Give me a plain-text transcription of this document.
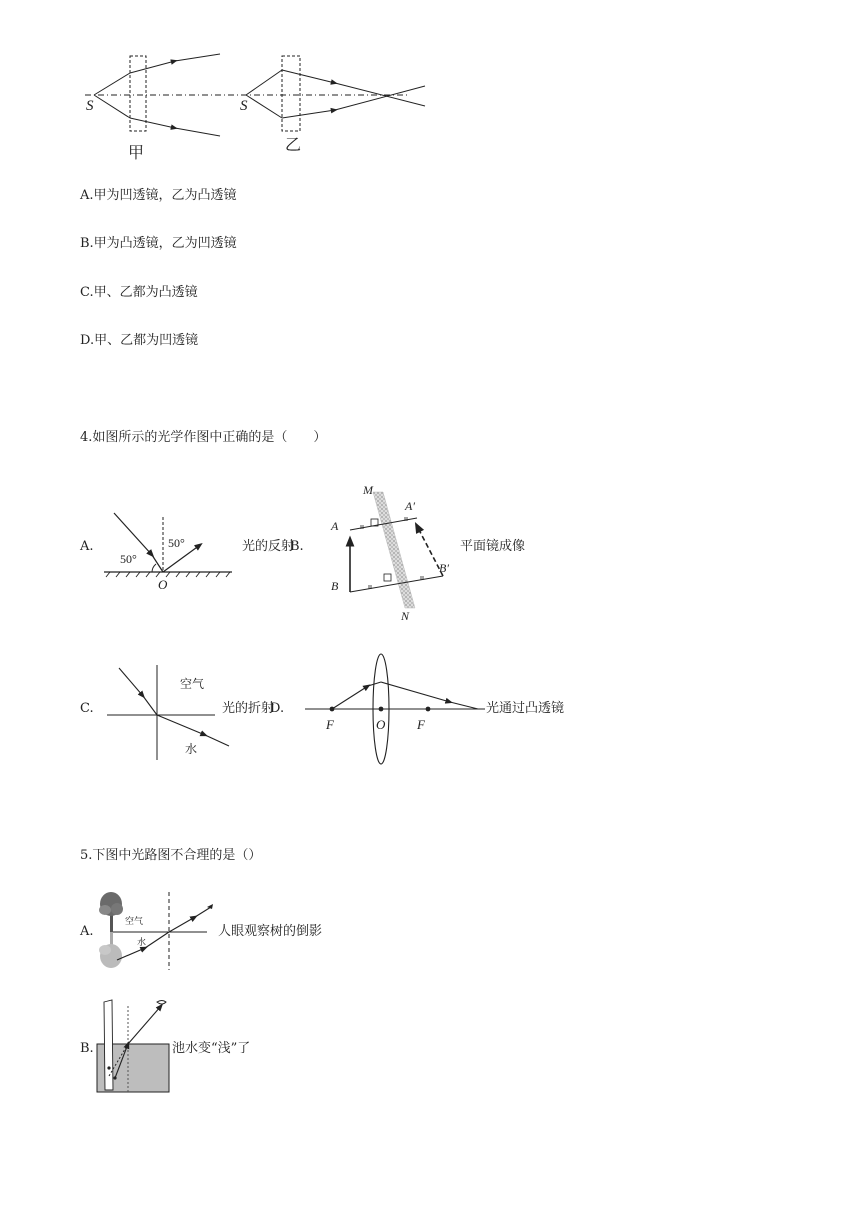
S
甲
S
乙
A.甲为凹透镜，乙为凸透镜
B.甲为凸透镜，乙为凹透镜
C.甲、乙都为凸透镜
D.甲、乙都为凹透镜
4.如图所示的光学作图中正确的是（　　）
A.
50°
50°
O
光的反射
B.
M
N
A
A′
B
B′
平面镜成像
C.
空气
水
光的折射
D.
F	O F
光通过凸透镜
5.下图中光路图不合理的是（）
A.
空气
水
人眼观察树的倒影
B.	池水变“浅”了
